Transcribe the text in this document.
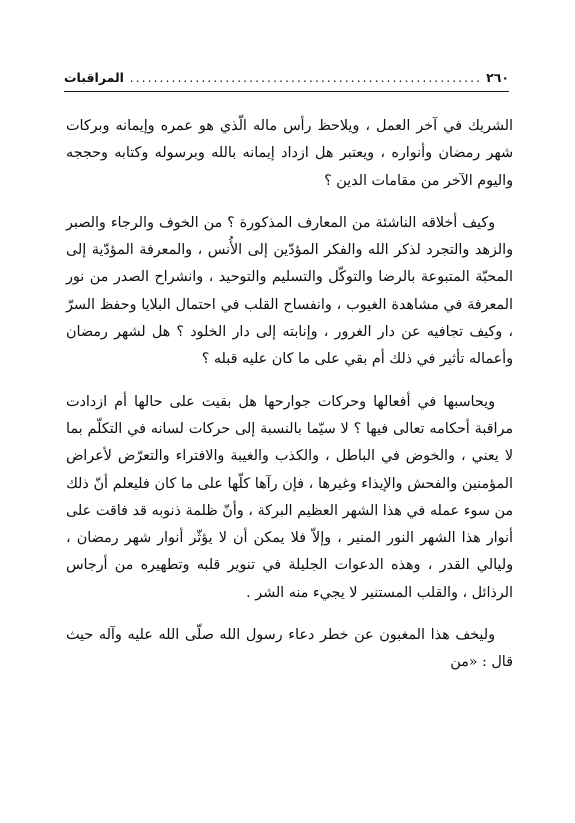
٢٦٠
.....
المراقبات

الشريك في آخر العمل ، ويلاحظ رأس ماله الّذي هو عمره وإيمانه وبركات شهر رمضان وأنواره ، ويعتبر هل ازداد إيمانه بالله وبرسوله وكتابه وحججه واليوم الآخر من مقامات الدين ؟

وكيف أخلاقه الناشئة من المعارف المذكورة ؟ من الخوف والرجاء والصبر والزهد والتجرد لذكر الله والفكر المؤدّين إلى الأُنس ، والمعرفة المؤدّية إلى المحبّة المتبوعة بالرضا والتوكّل والتسليم والتوحيد ، وانشراح الصدر من نور المعرفة في مشاهدة الغيوب ، وانفساح القلب في احتمال البلايا وحفظ السرّ ، وكيف تجافيه عن دار الغرور ، وإنابته إلى دار الخلود ؟ هل لشهر رمضان وأعماله تأثير في ذلك أم بقي على ما كان عليه قبله ؟

ويحاسبها في أفعالها وحركات جوارحها هل بقيت على حالها أم ازدادت مراقبة أحكامه تعالى فيها ؟ لا سيّما بالنسبة إلى حركات لسانه في التكلّم بما لا يعني ، والخوض في الباطل ، والكذب والغيبة والافتراء والتعرّض لأعراض المؤمنين والفحش والإيذاء وغيرها ، فإن رآها كلّها على ما كان فليعلم أنّ ذلك من سوء عمله في هذا الشهر العظيم البركة ، وأنّ ظلمة ذنوبه قد فاقت على أنوار هذا الشهر النور المنير ، وإلاّ فلا يمكن أن لا يؤثّر أنوار شهر رمضان ، وليالي القدر ، وهذه الدعوات الجليلة في تنوير قلبه وتطهيره من أرجاس الرذائل ، والقلب المستنير لا يجيء منه الشر .

وليخف هذا المغبون عن خطر دعاء رسول الله صلّى الله عليه وآله حيث قال : «من
